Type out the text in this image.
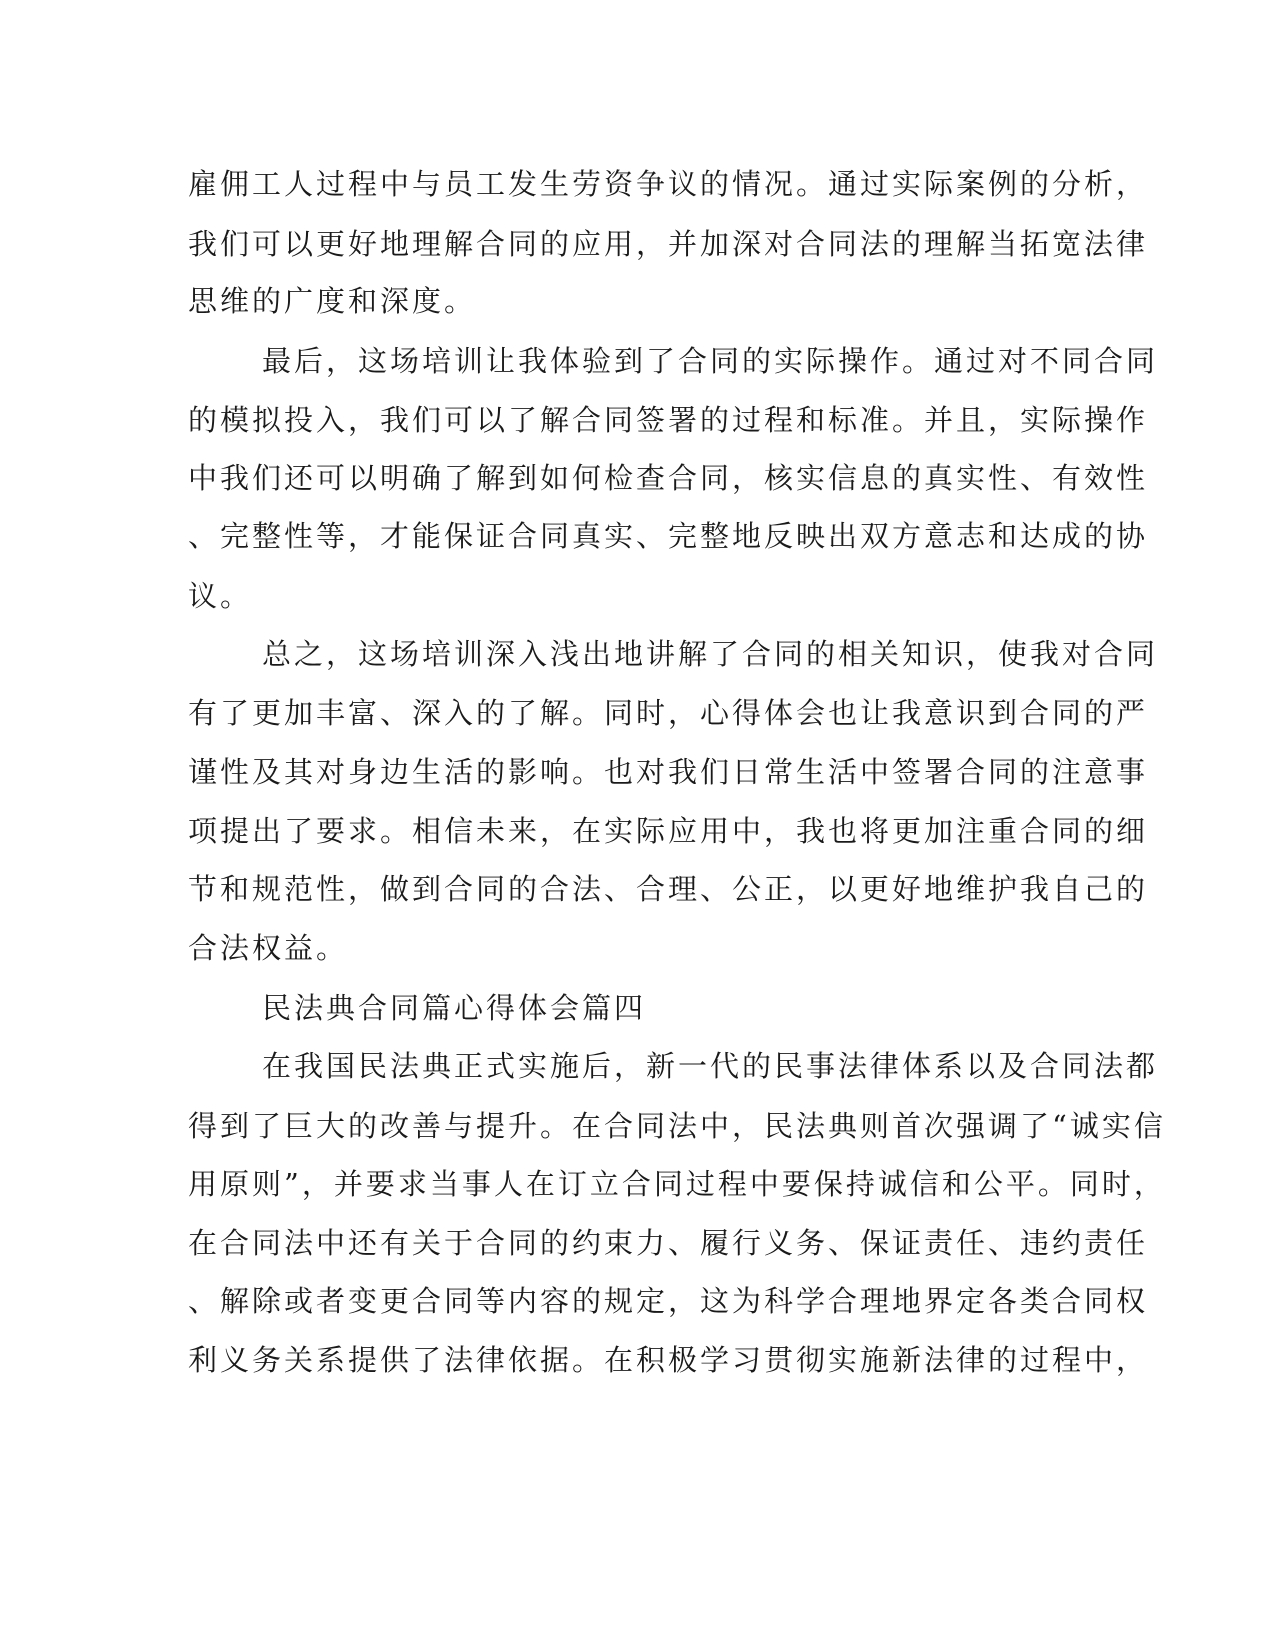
雇佣工人过程中与员工发生劳资争议的情况。通过实际案例的分析，
我们可以更好地理解合同的应用，并加深对合同法的理解当拓宽法律
思维的广度和深度。
最后，这场培训让我体验到了合同的实际操作。通过对不同合同
的模拟投入，我们可以了解合同签署的过程和标准。并且，实际操作
中我们还可以明确了解到如何检查合同，核实信息的真实性、有效性
、完整性等，才能保证合同真实、完整地反映出双方意志和达成的协
议。
总之，这场培训深入浅出地讲解了合同的相关知识，使我对合同
有了更加丰富、深入的了解。同时，心得体会也让我意识到合同的严
谨性及其对身边生活的影响。也对我们日常生活中签署合同的注意事
项提出了要求。相信未来，在实际应用中，我也将更加注重合同的细
节和规范性，做到合同的合法、合理、公正，以更好地维护我自己的
合法权益。
民法典合同篇心得体会篇四
在我国民法典正式实施后，新一代的民事法律体系以及合同法都
得到了巨大的改善与提升。在合同法中，民法典则首次强调了“诚实信
用原则”，并要求当事人在订立合同过程中要保持诚信和公平。同时，
在合同法中还有关于合同的约束力、履行义务、保证责任、违约责任
、解除或者变更合同等内容的规定，这为科学合理地界定各类合同权
利义务关系提供了法律依据。在积极学习贯彻实施新法律的过程中，
